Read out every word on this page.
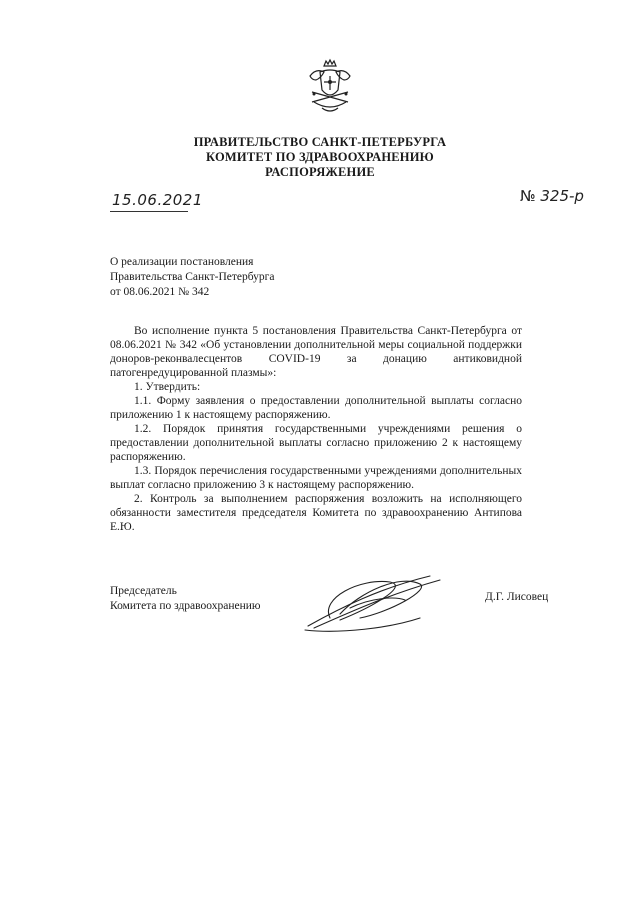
ПРАВИТЕЛЬСТВО САНКТ-ПЕТЕРБУРГА
КОМИТЕТ ПО ЗДРАВООХРАНЕНИЮ
РАСПОРЯЖЕНИЕ
15.06.2021	№ 325-р
О реализации постановления
Правительства Санкт-Петербурга
от 08.06.2021 № 342

Во исполнение пункта 5 постановления Правительства Санкт-Петербурга от 08.06.2021 № 342 «Об установлении дополнительной меры социальной поддержки доноров-реконвалесцентов COVID-19 за донацию антиковидной патогенредуцированной плазмы»:

1. Утвердить:

1.1. Форму заявления о предоставлении дополнительной выплаты согласно приложению 1 к настоящему распоряжению.

1.2. Порядок принятия государственными учреждениями решения о предоставлении дополнительной выплаты согласно приложению 2 к настоящему распоряжению.

1.3. Порядок перечисления государственными учреждениями дополнительных выплат согласно приложению 3 к настоящему распоряжению.

2. Контроль за выполнением распоряжения возложить на исполняющего обязанности заместителя председателя Комитета по здравоохранению Антипова Е.Ю.

Председатель
Комитета по здравоохранению
Д.Г. Лисовец
